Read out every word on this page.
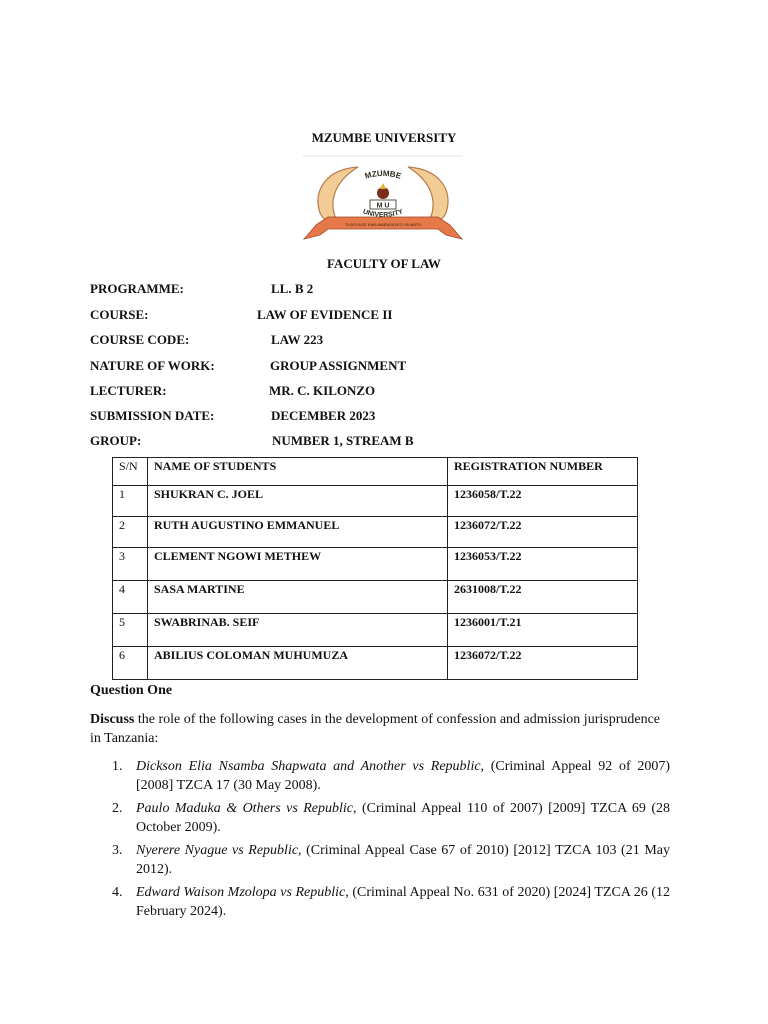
MZUMBE UNIVERSITY
TUJIFUNZE KWA MAENDELEO YA WATU
MZUMBE
M U
UNIVERSITY
FACULTY OF LAW
PROGRAMME:	LL. B 2
COURSE:	LAW OF EVIDENCE II
COURSE CODE:	LAW 223
NATURE OF WORK:	GROUP ASSIGNMENT
LECTURER:	MR. C. KILONZO
SUBMISSION DATE:	DECEMBER 2023
GROUP:	NUMBER 1, STREAM B
S/N	NAME OF STUDENTS	REGISTRATION NUMBER
1	SHUKRAN C. JOEL	1236058/T.22
2	RUTH AUGUSTINO EMMANUEL	1236072/T.22
3	CLEMENT NGOWI METHEW	1236053/T.22
4	SASA MARTINE	2631008/T.22
5	SWABRINAB. SEIF	1236001/T.21
6	ABILIUS COLOMAN MUHUMUZA	1236072/T.22
Question One
Discuss the role of the following cases in the development of confession and admission jurisprudence in Tanzania:
1. Dickson Elia Nsamba Shapwata and Another vs Republic, (Criminal Appeal 92 of 2007) [2008] TZCA 17 (30 May 2008).
2. Paulo Maduka & Others vs Republic, (Criminal Appeal 110 of 2007) [2009] TZCA 69 (28 October 2009).
3. Nyerere Nyague vs Republic, (Criminal Appeal Case 67 of 2010) [2012] TZCA 103 (21 May 2012).
4. Edward Waison Mzolopa vs Republic, (Criminal Appeal No. 631 of 2020) [2024] TZCA 26 (12 February 2024).
